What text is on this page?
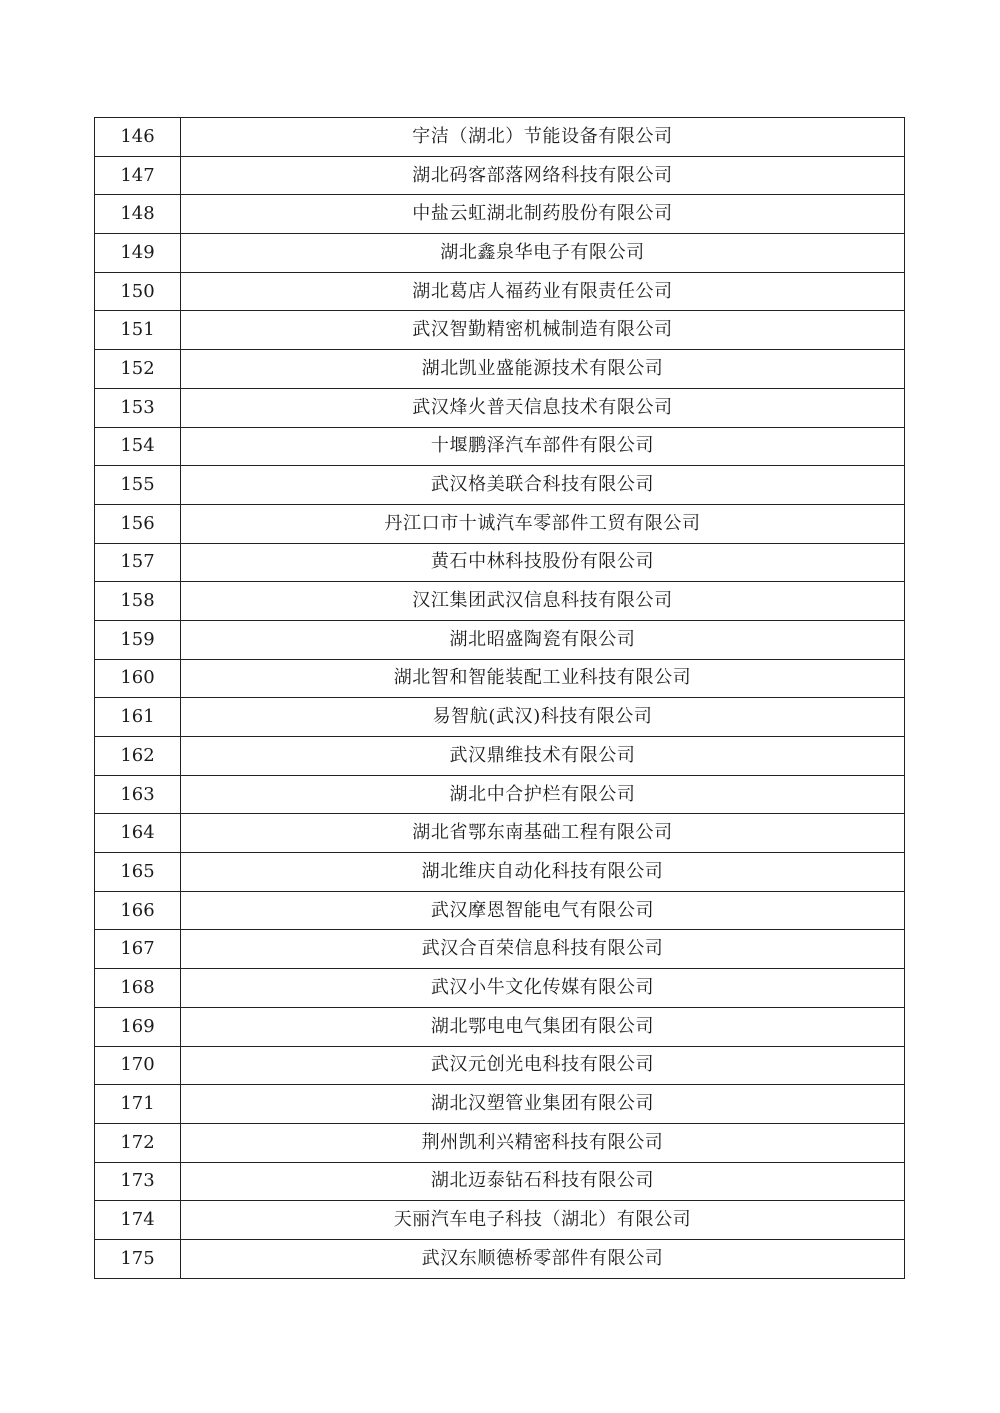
146	宇洁（湖北）节能设备有限公司
147	湖北码客部落网络科技有限公司
148	中盐云虹湖北制药股份有限公司
149	湖北鑫泉华电子有限公司
150	湖北葛店人福药业有限责任公司
151	武汉智勤精密机械制造有限公司
152	湖北凯业盛能源技术有限公司
153	武汉烽火普天信息技术有限公司
154	十堰鹏泽汽车部件有限公司
155	武汉格美联合科技有限公司
156	丹江口市十诚汽车零部件工贸有限公司
157	黄石中林科技股份有限公司
158	汉江集团武汉信息科技有限公司
159	湖北昭盛陶瓷有限公司
160	湖北智和智能装配工业科技有限公司
161	易智航(武汉)科技有限公司
162	武汉鼎维技术有限公司
163	湖北中合护栏有限公司
164	湖北省鄂东南基础工程有限公司
165	湖北维庆自动化科技有限公司
166	武汉摩恩智能电气有限公司
167	武汉合百荣信息科技有限公司
168	武汉小牛文化传媒有限公司
169	湖北鄂电电气集团有限公司
170	武汉元创光电科技有限公司
171	湖北汉塑管业集团有限公司
172	荆州凯利兴精密科技有限公司
173	湖北迈泰钻石科技有限公司
174	天丽汽车电子科技（湖北）有限公司
175	武汉东顺德桥零部件有限公司
